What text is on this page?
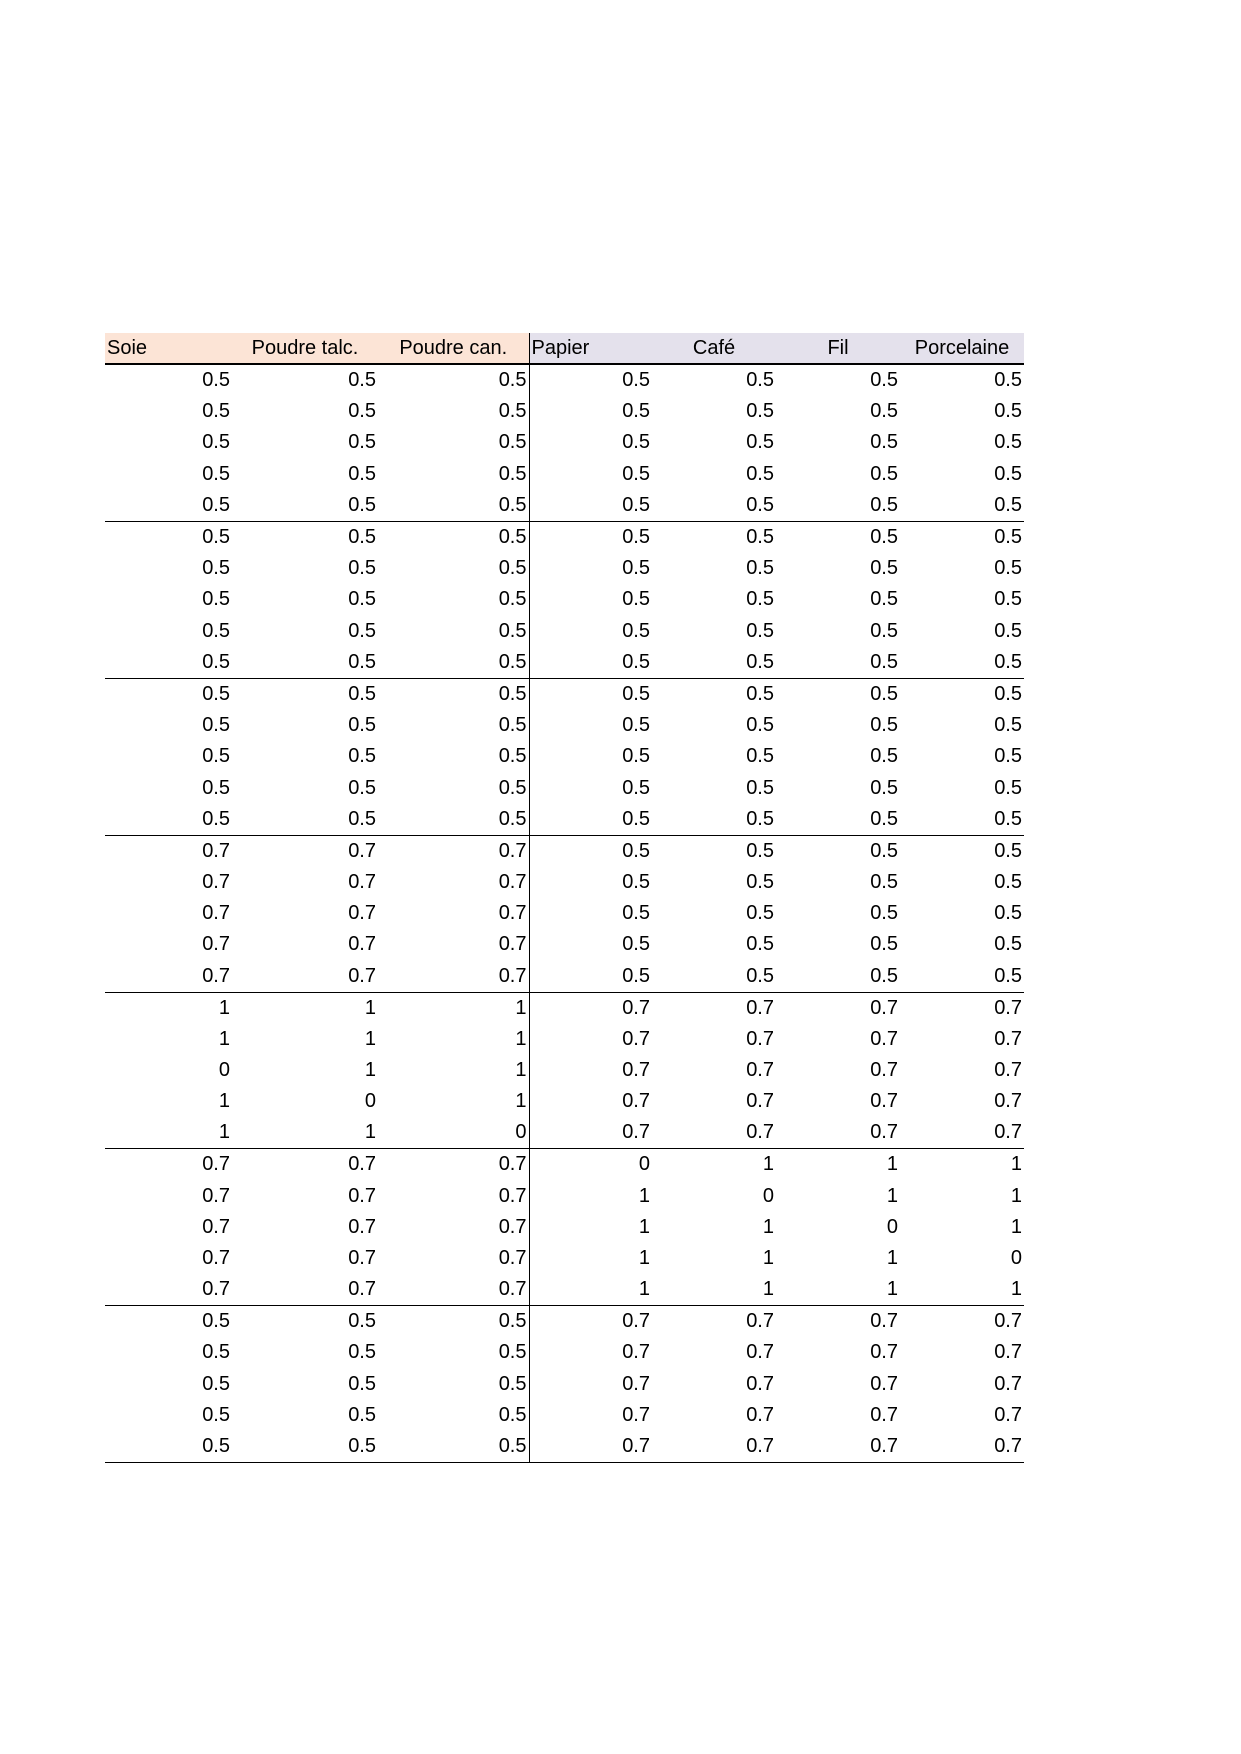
Soie	Poudre talc.	Poudre can.	Papier	Café	Fil	Porcelaine
0.5	0.5	0.5	0.5	0.5	0.5	0.5
0.5	0.5	0.5	0.5	0.5	0.5	0.5
0.5	0.5	0.5	0.5	0.5	0.5	0.5
0.5	0.5	0.5	0.5	0.5	0.5	0.5
0.5	0.5	0.5	0.5	0.5	0.5	0.5
0.5	0.5	0.5	0.5	0.5	0.5	0.5
0.5	0.5	0.5	0.5	0.5	0.5	0.5
0.5	0.5	0.5	0.5	0.5	0.5	0.5
0.5	0.5	0.5	0.5	0.5	0.5	0.5
0.5	0.5	0.5	0.5	0.5	0.5	0.5
0.5	0.5	0.5	0.5	0.5	0.5	0.5
0.5	0.5	0.5	0.5	0.5	0.5	0.5
0.5	0.5	0.5	0.5	0.5	0.5	0.5
0.5	0.5	0.5	0.5	0.5	0.5	0.5
0.5	0.5	0.5	0.5	0.5	0.5	0.5
0.7	0.7	0.7	0.5	0.5	0.5	0.5
0.7	0.7	0.7	0.5	0.5	0.5	0.5
0.7	0.7	0.7	0.5	0.5	0.5	0.5
0.7	0.7	0.7	0.5	0.5	0.5	0.5
0.7	0.7	0.7	0.5	0.5	0.5	0.5
1	1	1	0.7	0.7	0.7	0.7
1	1	1	0.7	0.7	0.7	0.7
0	1	1	0.7	0.7	0.7	0.7
1	0	1	0.7	0.7	0.7	0.7
1	1	0	0.7	0.7	0.7	0.7
0.7	0.7	0.7	0	1	1	1
0.7	0.7	0.7	1	0	1	1
0.7	0.7	0.7	1	1	0	1
0.7	0.7	0.7	1	1	1	0
0.7	0.7	0.7	1	1	1	1
0.5	0.5	0.5	0.7	0.7	0.7	0.7
0.5	0.5	0.5	0.7	0.7	0.7	0.7
0.5	0.5	0.5	0.7	0.7	0.7	0.7
0.5	0.5	0.5	0.7	0.7	0.7	0.7
0.5	0.5	0.5	0.7	0.7	0.7	0.7
